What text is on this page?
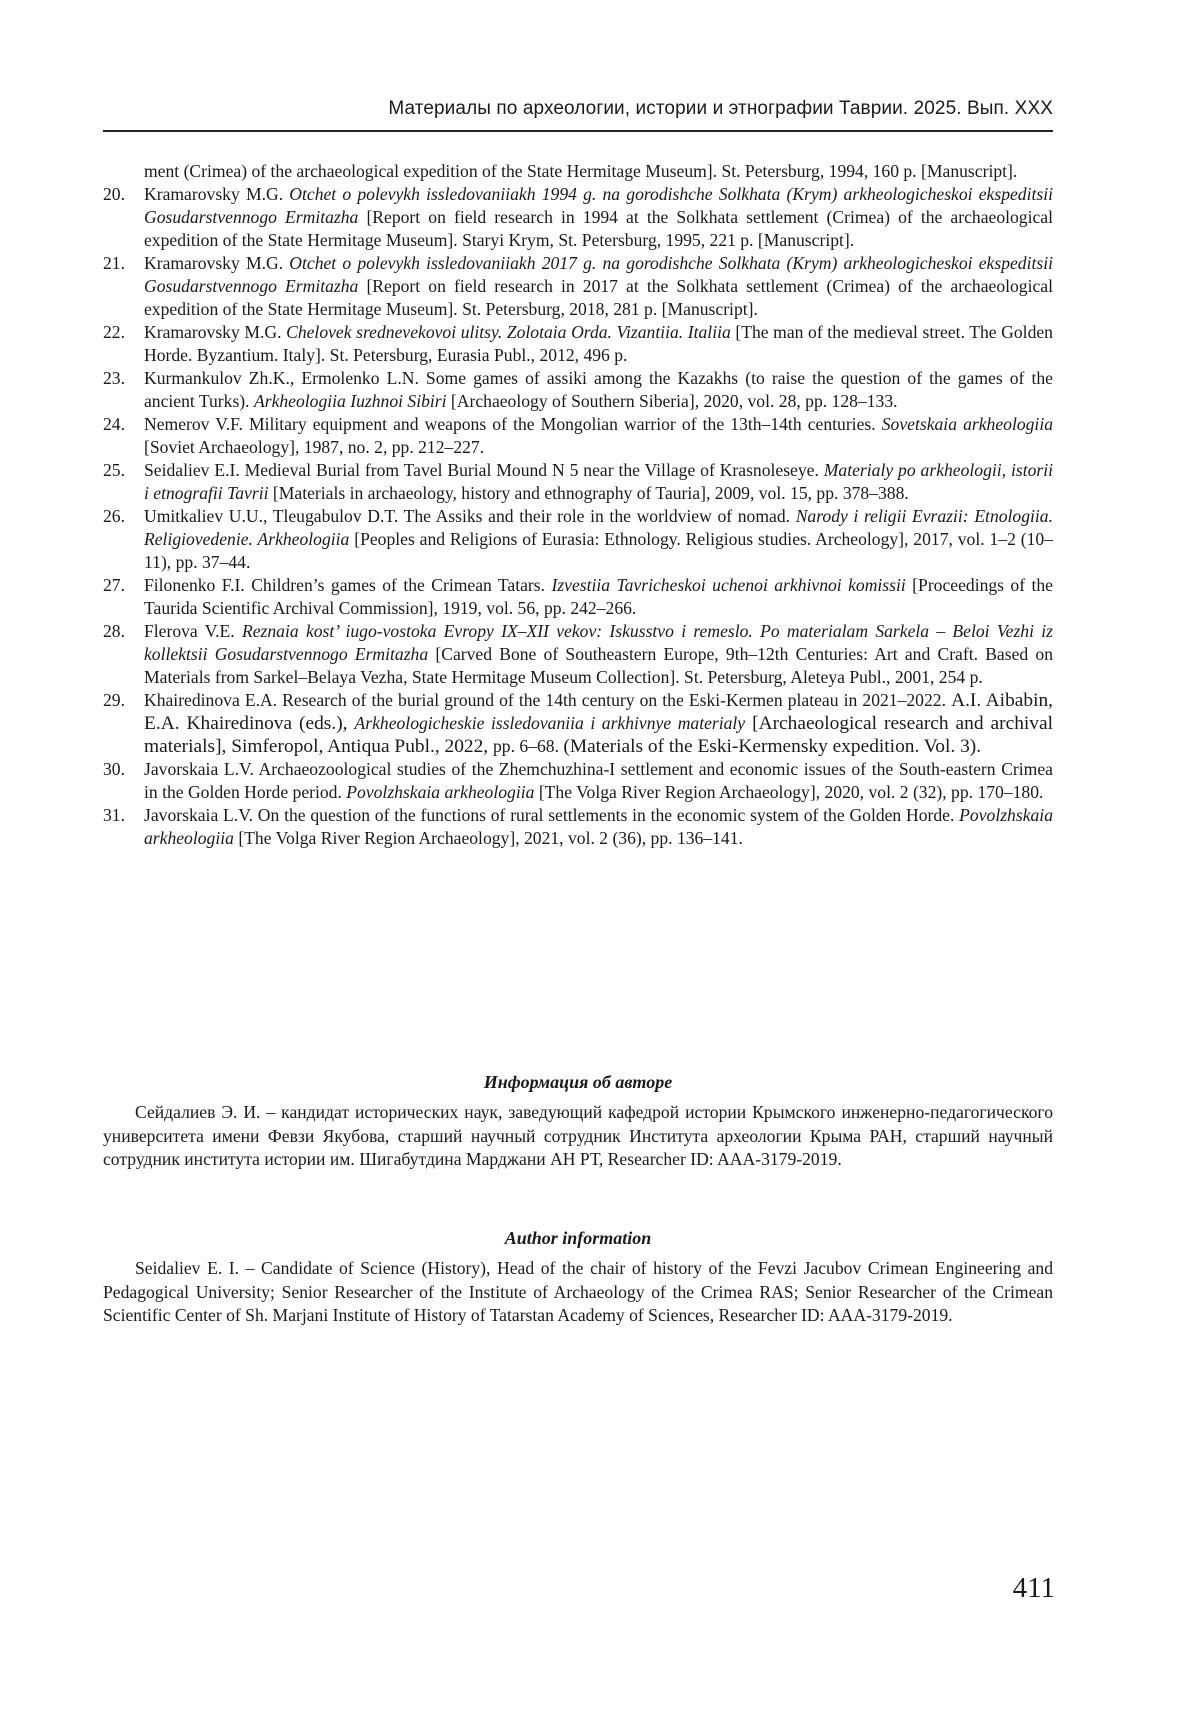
Материалы по археологии, истории и этнографии Таврии. 2025. Вып. XXX
ment (Crimea) of the archaeological expedition of the State Hermitage Museum]. St. Petersburg, 1994, 160 p. [Manuscript].
20. Kramarovsky M.G. Otchet o polevykh issledovaniiakh 1994 g. na gorodishche Solkhata (Krym) arkheologicheskoi ekspeditsii Gosudarstvennogo Ermitazha [Report on field research in 1994 at the Solkhata settlement (Crimea) of the archaeological expedition of the State Hermitage Museum]. Staryi Krym, St. Petersburg, 1995, 221 p. [Manuscript].
21. Kramarovsky M.G. Otchet o polevykh issledovaniiakh 2017 g. na gorodishche Solkhata (Krym) arkheologicheskoi ekspeditsii Gosudarstvennogo Ermitazha [Report on field research in 2017 at the Solkhata settlement (Crimea) of the archaeological expedition of the State Hermitage Museum]. St. Petersburg, 2018, 281 p. [Manuscript].
22. Kramarovsky M.G. Chelovek srednevekovoi ulitsy. Zolotaia Orda. Vizantiia. Italiia [The man of the medieval street. The Golden Horde. Byzantium. Italy]. St. Petersburg, Eurasia Publ., 2012, 496 p.
23. Kurmankulov Zh.K., Ermolenko L.N. Some games of assiki among the Kazakhs (to raise the question of the games of the ancient Turks). Arkheologiia Iuzhnoi Sibiri [Archaeology of Southern Siberia], 2020, vol. 28, pp. 128–133.
24. Nemerov V.F. Military equipment and weapons of the Mongolian warrior of the 13th–14th centuries. Sovetskaia arkheologiia [Soviet Archaeology], 1987, no. 2, pp. 212–227.
25. Seidaliev E.I. Medieval Burial from Tavel Burial Mound N 5 near the Village of Krasnoleseye. Materialy po arkheologii, istorii i etnografii Tavrii [Materials in archaeology, history and ethnography of Tauria], 2009, vol. 15, pp. 378–388.
26. Umitkaliev U.U., Tleugabulov D.T. The Assiks and their role in the worldview of nomad. Narody i religii Evrazii: Etnologiia. Religiovedenie. Arkheologiia [Peoples and Religions of Eurasia: Ethnology. Religious studies. Archeology], 2017, vol. 1–2 (10–11), pp. 37–44.
27. Filonenko F.I. Children’s games of the Crimean Tatars. Izvestiia Tavricheskoi uchenoi arkhivnoi komissii [Proceedings of the Taurida Scientific Archival Commission], 1919, vol. 56, pp. 242–266.
28. Flerova V.E. Reznaia kost’ iugo-vostoka Evropy IX–XII vekov: Iskusstvo i remeslo. Po materialam Sarkela – Beloi Vezhi iz kollektsii Gosudarstvennogo Ermitazha [Carved Bone of Southeastern Europe, 9th–12th Centuries: Art and Craft. Based on Materials from Sarkel–Belaya Vezha, State Hermitage Museum Collection]. St. Petersburg, Aleteya Publ., 2001, 254 p.
29. Khairedinova E.A. Research of the burial ground of the 14th century on the Eski-Kermen plateau in 2021–2022. A.I. Aibabin, E.A. Khairedinova (eds.), Arkheologicheskie issledovaniia i arkhivnye materialy [Archaeological research and archival materials], Simferopol, Antiqua Publ., 2022, pp. 6–68. (Materials of the Eski-Kermensky expedition. Vol. 3).
30. Javorskaia L.V. Archaeozoological studies of the Zhemchuzhina-I settlement and economic issues of the South-eastern Crimea in the Golden Horde period. Povolzhskaia arkheologiia [The Volga River Region Archaeology], 2020, vol. 2 (32), pp. 170–180.
31. Javorskaia L.V. On the question of the functions of rural settlements in the economic system of the Golden Horde. Povolzhskaia arkheologiia [The Volga River Region Archaeology], 2021, vol. 2 (36), pp. 136–141.
Информация об авторе

Сейдалиев Э. И. – кандидат исторических наук, заведующий кафедрой истории Крымского инженерно-педагогического университета имени Февзи Якубова, старший научный сотрудник Института археологии Крыма РАН, старший научный сотрудник института истории им. Шигабутдина Марджани АН РТ, Researcher ID: AAA-3179-2019.

Author information

Seidaliev E. I. – Candidate of Science (History), Head of the chair of history of the Fevzi Jacubov Crimean Engineering and Pedagogical University; Senior Researcher of the Institute of Archaeology of the Crimea RAS; Senior Researcher of the Crimean Scientific Center of Sh. Marjani Institute of History of Tatarstan Academy of Sciences, Researcher ID: AAA-3179-2019.

411
